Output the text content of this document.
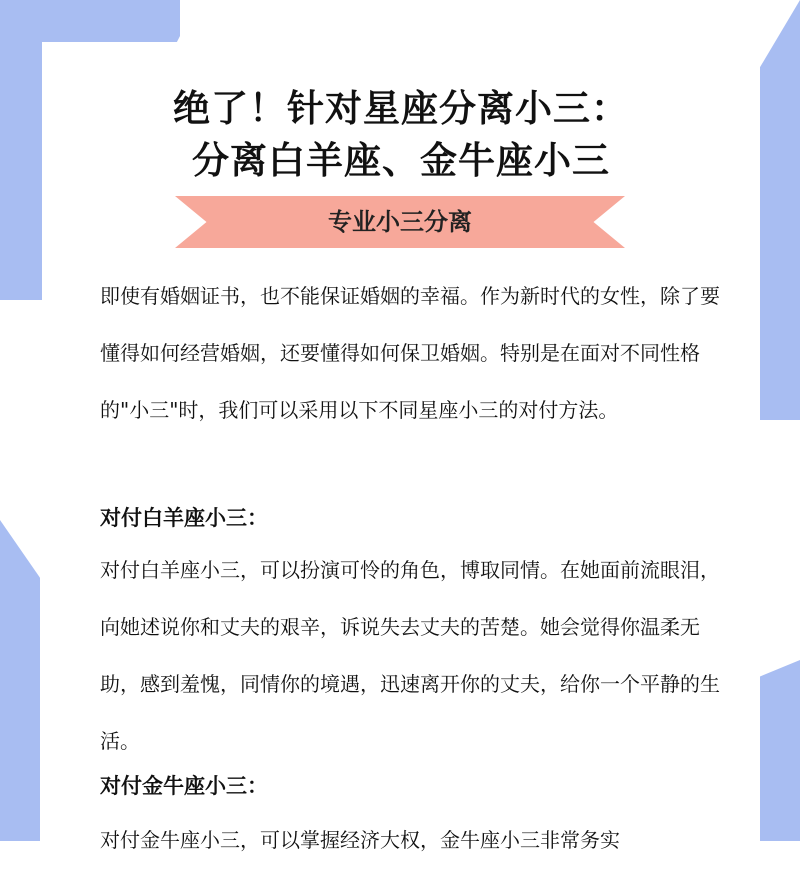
绝了！针对星座分离小三：
分离白羊座、金牛座小三
专业小三分离

即使有婚姻证书，也不能保证婚姻的幸福。作为新时代的女性，除了要懂得如何经营婚姻，还要懂得如何保卫婚姻。特别是在面对不同性格的"小三"时，我们可以采用以下不同星座小三的对付方法。

对付白羊座小三：

对付白羊座小三，可以扮演可怜的角色，博取同情。在她面前流眼泪，向她述说你和丈夫的艰辛，诉说失去丈夫的苦楚。她会觉得你温柔无助，感到羞愧，同情你的境遇，迅速离开你的丈夫，给你一个平静的生活。

对付金牛座小三：

对付金牛座小三，可以掌握经济大权，金牛座小三非常务实
